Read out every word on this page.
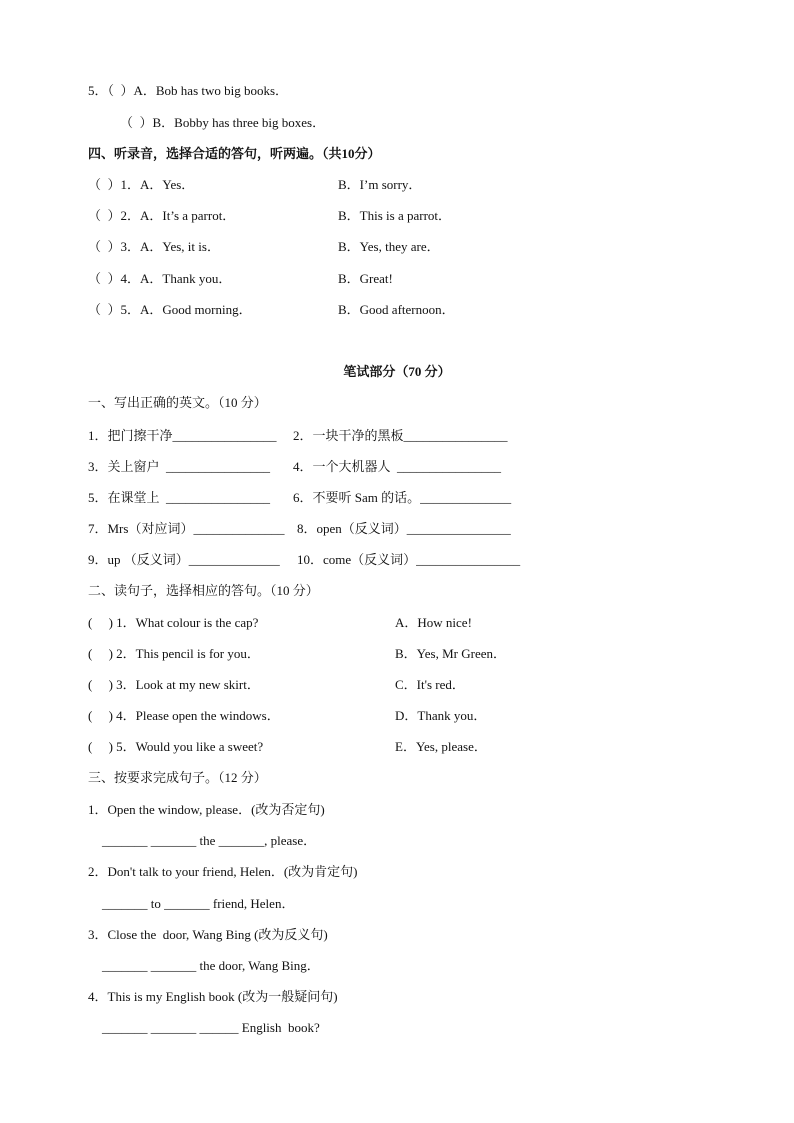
5．（  ）A．Bob has two big books．
（  ）B．Bobby has three big boxes．
四、听录音，选择合适的答句，听两遍。（共10分）
（  ）1．A．Yes．	B．I’m sorry．
（  ）2．A．It’s a parrot．	B．This is a parrot．
（  ）3．A．Yes, it is．	B．Yes, they are．
（  ）4．A．Thank you．	B．Great!
（  ）5．A．Good morning．	B．Good afternoon．
笔试部分（70 分）
一、写出正确的英文。（10 分）
1．把门擦干净________________ 2．一块干净的黑板________________
3．关上窗户  ________________ 4．一个大机器人  ________________
5．在课堂上  ________________ 6．不要听 Sam 的话。______________
7．Mrs（对应词）______________ 8．open（反义词）________________
9．up （反义词）______________ 10．come（反义词）________________
二、读句子，选择相应的答句。（10 分）
(     ) 1．What colour is the cap?	A．How nice!
(     ) 2．This pencil is for you．	B．Yes, Mr Green．
(     ) 3．Look at my new skirt．	C．It's red．
(     ) 4．Please open the windows．	D．Thank you．
(     ) 5．Would you like a sweet?	E．Yes, please．
三、按要求完成句子。（12 分）
1．Open the window, please．(改为否定句)
_______ _______ the _______, please．
2．Don't talk to your friend, Helen．(改为肯定句)
_______ to _______ friend, Helen．
3．Close the  door, Wang Bing (改为反义句)
_______ _______ the door, Wang Bing．
4．This is my English book (改为一般疑问句)
_______ _______ ______ English  book?
